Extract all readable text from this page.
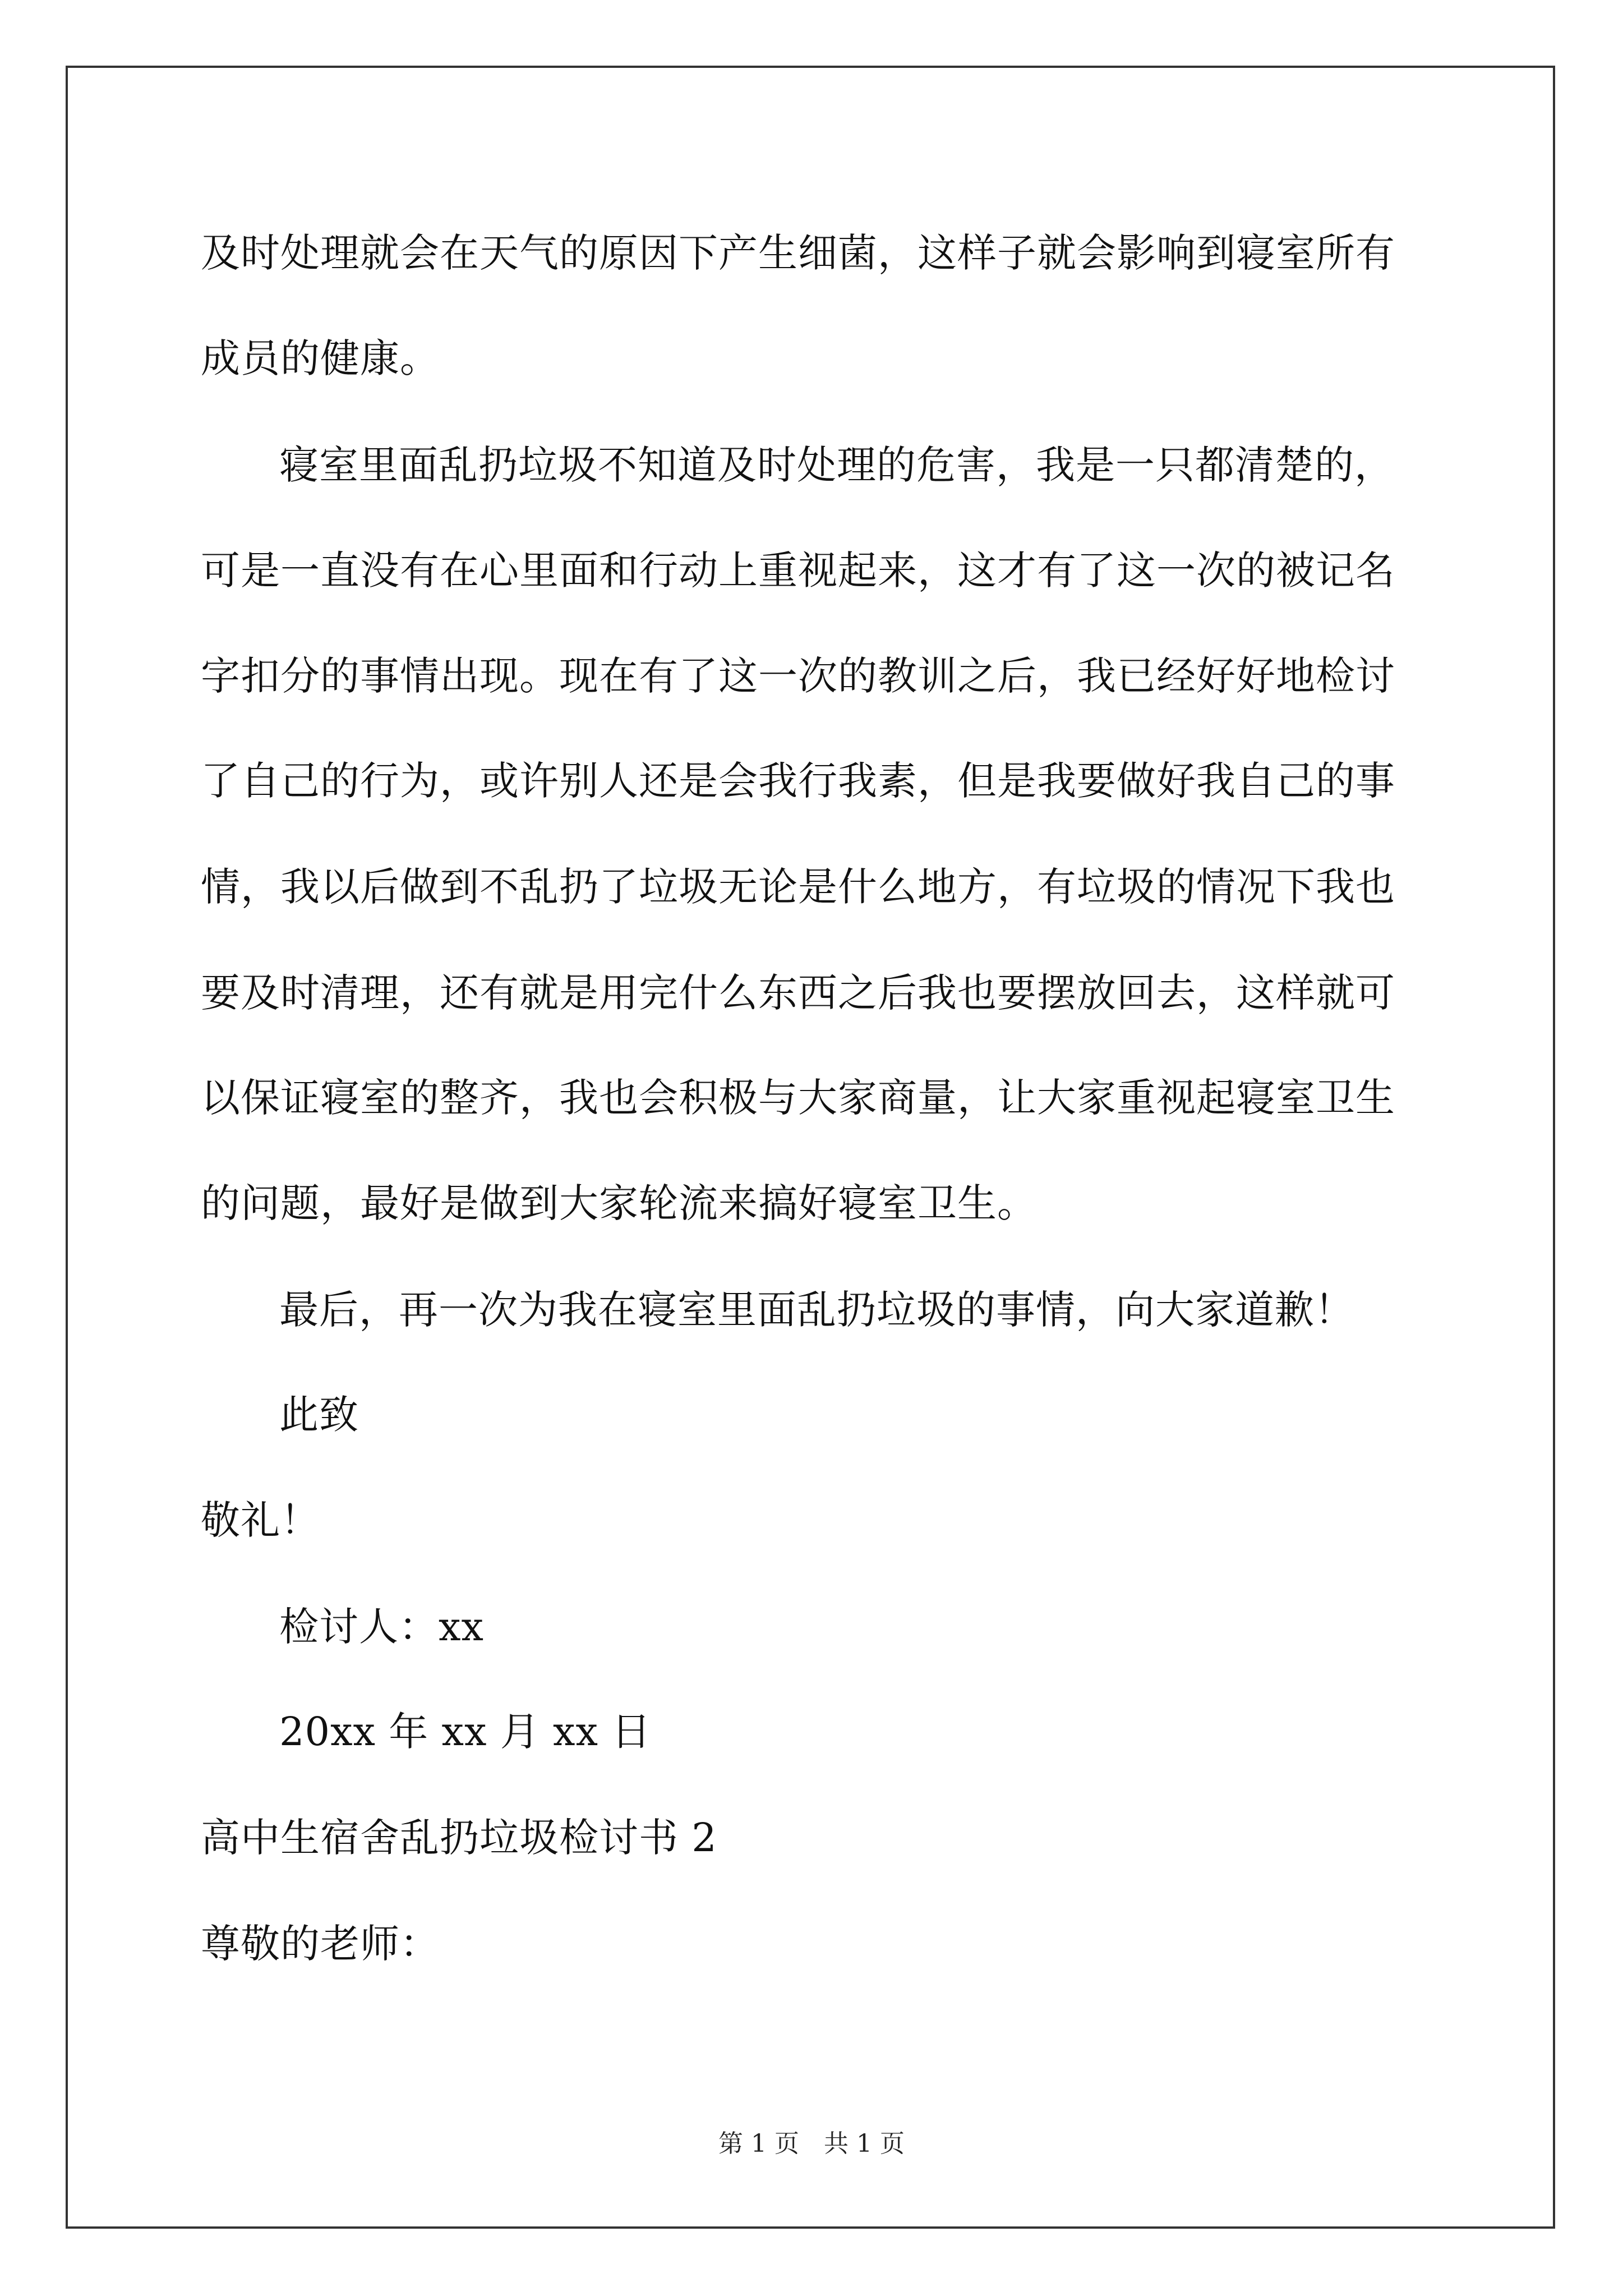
及时处理就会在天气的原因下产生细菌，这样子就会影响到寝室所有
成员的健康。
寝室里面乱扔垃圾不知道及时处理的危害，我是一只都清楚的，
可是一直没有在心里面和行动上重视起来，这才有了这一次的被记名
字扣分的事情出现。现在有了这一次的教训之后，我已经好好地检讨
了自己的行为，或许别人还是会我行我素，但是我要做好我自己的事
情，我以后做到不乱扔了垃圾无论是什么地方，有垃圾的情况下我也
要及时清理，还有就是用完什么东西之后我也要摆放回去，这样就可
以保证寝室的整齐，我也会积极与大家商量，让大家重视起寝室卫生
的问题，最好是做到大家轮流来搞好寝室卫生。
最后，再一次为我在寝室里面乱扔垃圾的事情，向大家道歉！
此致
敬礼！
检讨人：xx
20xx 年 xx 月 xx 日
高中生宿舍乱扔垃圾检讨书 2
尊敬的老师：
第 1 页　共 1 页
